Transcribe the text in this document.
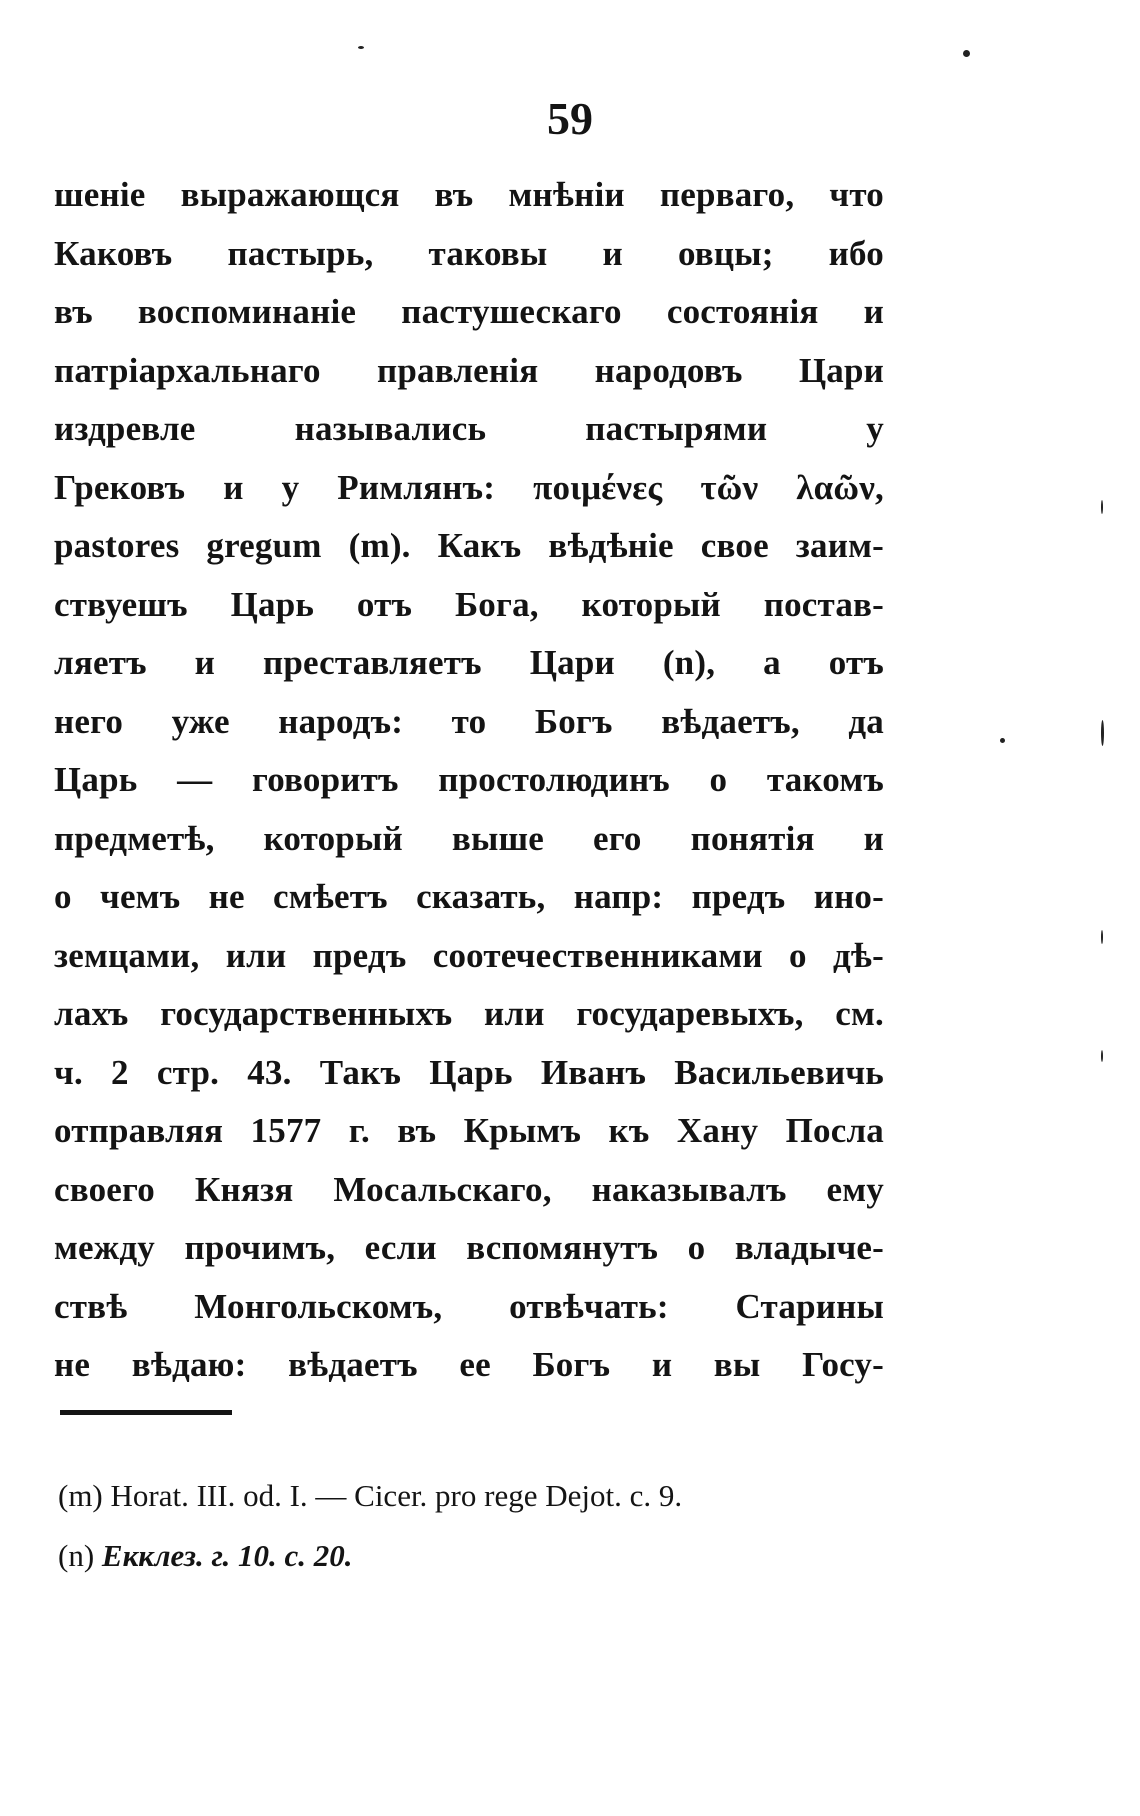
59
шеніе выражающся въ мнѣніи перваго, что
Каковъ пастырь, таковы и овцы; ибо
въ воспоминаніе пастушескаго состоянія и
патріархальнаго правленія народовъ Цари
издревле назывались пастырями у
Грековъ и у Римлянъ: ποιμένες τῶν λαῶν,
pastores gregum (m). Какъ вѣдѣніе свое заим-
ствуешъ Царь отъ Бога, который постав-
ляетъ и преставляетъ Цари (n), а отъ
него уже народъ: то Богъ вѣдаетъ, да
Царь — говоритъ простолюдинъ о такомъ
предметѣ, который выше его понятія и
о чемъ не смѣетъ сказать, напр: предъ ино-
земцами, или предъ соотечественниками о дѣ-
лахъ государственныхъ или государевыхъ, см.
ч. 2 стр. 43. Такъ Царь Иванъ Васильевичь
отправляя 1577 г. въ Крымъ къ Хану Посла
своего Князя Мосальскаго, наказывалъ ему
между прочимъ, если вспомянутъ о владыче-
ствѣ Монгольскомъ, отвѣчать: Старины
не вѣдаю: вѣдаетъ ее Богъ и вы Госу-
(m) Horat. III. od. I. — Cicer. pro rege Dejot. c. 9.
(n) Екклез. г. 10. с. 20.
